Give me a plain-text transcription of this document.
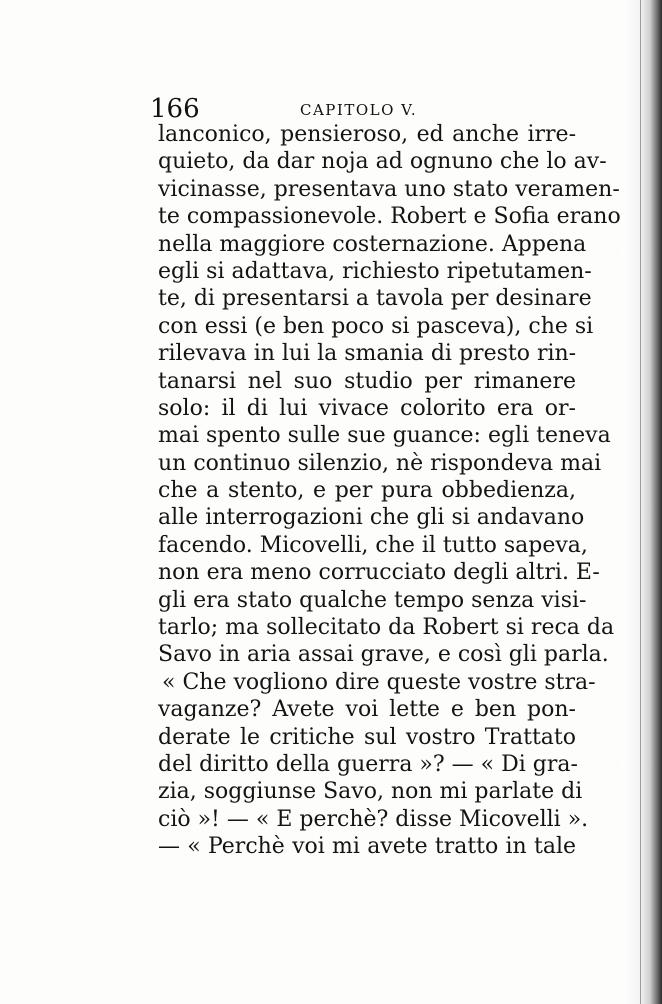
166	CAPITOLO V.
lanconico, pensieroso, ed anche irre-
quieto, da dar noja ad ognuno che lo av-
vicinasse, presentava uno stato veramen-
te compassionevole. Robert e Sofia erano
nella maggiore costernazione. Appena
egli si adattava, richiesto ripetutamen-
te, di presentarsi a tavola per desinare
con essi (e ben poco si pasceva), che si
rilevava in lui la smania di presto rin-
tanarsi nel suo studio per rimanere
solo: il di lui vivace colorito era or-
mai spento sulle sue guance: egli teneva
un continuo silenzio, nè rispondeva mai
che a stento, e per pura obbedienza,
alle interrogazioni che gli si andavano
facendo. Micovelli, che il tutto sapeva,
non era meno corrucciato degli altri. E-
gli era stato qualche tempo senza visi-
tarlo; ma sollecitato da Robert si reca da
Savo in aria assai grave, e così gli parla.
« Che vogliono dire queste vostre stra-
vaganze? Avete voi lette e ben pon-
derate le critiche sul vostro Trattato
del diritto della guerra »? — « Di gra-
zia, soggiunse Savo, non mi parlate di
ciò »! — « E perchè? disse Micovelli ».
— « Perchè voi mi avete tratto in tale
